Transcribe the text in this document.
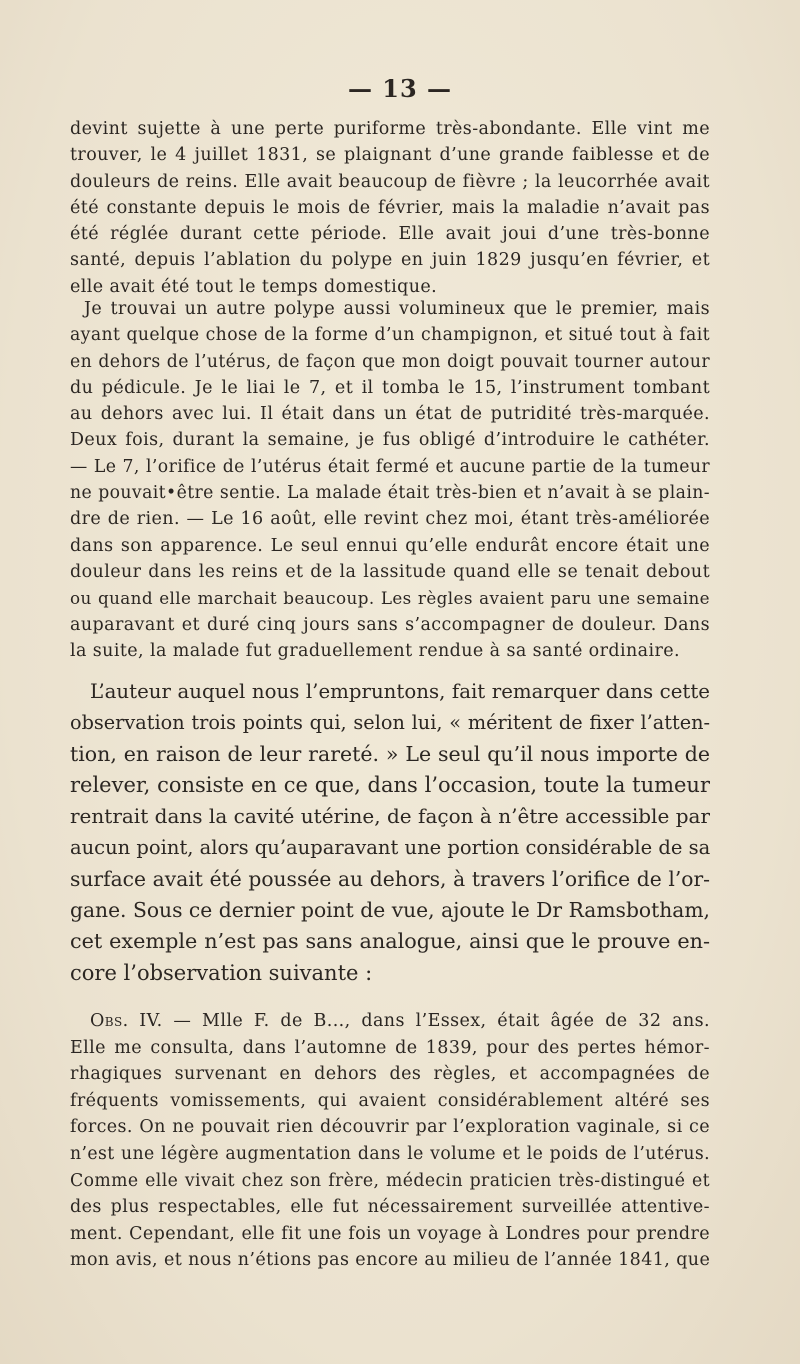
— 13 —
devint sujette à une perte puriforme très-abondante. Elle vint me
trouver, le 4 juillet 1831, se plaignant d’une grande faiblesse et de
douleurs de reins. Elle avait beaucoup de fièvre ; la leucorrhée avait
été constante depuis le mois de février, mais la maladie n’avait pas
été réglée durant cette période. Elle avait joui d’une très-bonne
santé, depuis l’ablation du polype en juin 1829 jusqu’en février, et
elle avait été tout le temps domestique.
Je trouvai un autre polype aussi volumineux que le premier, mais
ayant quelque chose de la forme d’un champignon, et situé tout à fait
en dehors de l’utérus, de façon que mon doigt pouvait tourner autour
du pédicule. Je le liai le 7, et il tomba le 15, l’instrument tombant
au dehors avec lui. Il était dans un état de putridité très-marquée.
Deux fois, durant la semaine, je fus obligé d’introduire le cathéter.
— Le 7, l’orifice de l’utérus était fermé et aucune partie de la tumeur
ne pouvait•être sentie. La malade était très-bien et n’avait à se plain-
dre de rien. — Le 16 août, elle revint chez moi, étant très-améliorée
dans son apparence. Le seul ennui qu’elle endurât encore était une
douleur dans les reins et de la lassitude quand elle se tenait debout
ou quand elle marchait beaucoup. Les règles avaient paru une semaine
auparavant et duré cinq jours sans s’accompagner de douleur. Dans
la suite, la malade fut graduellement rendue à sa santé ordinaire.
L’auteur auquel nous l’empruntons, fait remarquer dans cette
observation trois points qui, selon lui, « méritent de fixer l’atten-
tion, en raison de leur rareté. » Le seul qu’il nous importe de
relever, consiste en ce que, dans l’occasion, toute la tumeur
rentrait dans la cavité utérine, de façon à n’être accessible par
aucun point, alors qu’auparavant une portion considérable de sa
surface avait été poussée au dehors, à travers l’orifice de l’or-
gane. Sous ce dernier point de vue, ajoute le Dr Ramsbotham,
cet exemple n’est pas sans analogue, ainsi que le prouve en-
core l’observation suivante :
Obs. IV. — Mlle F. de B..., dans l’Essex, était âgée de 32 ans.
Elle me consulta, dans l’automne de 1839, pour des pertes hémor-
rhagiques survenant en dehors des règles, et accompagnées de
fréquents vomissements, qui avaient considérablement altéré ses
forces. On ne pouvait rien découvrir par l’exploration vaginale, si ce
n’est une légère augmentation dans le volume et le poids de l’utérus.
Comme elle vivait chez son frère, médecin praticien très-distingué et
des plus respectables, elle fut nécessairement surveillée attentive-
ment. Cependant, elle fit une fois un voyage à Londres pour prendre
mon avis, et nous n’étions pas encore au milieu de l’année 1841, que
